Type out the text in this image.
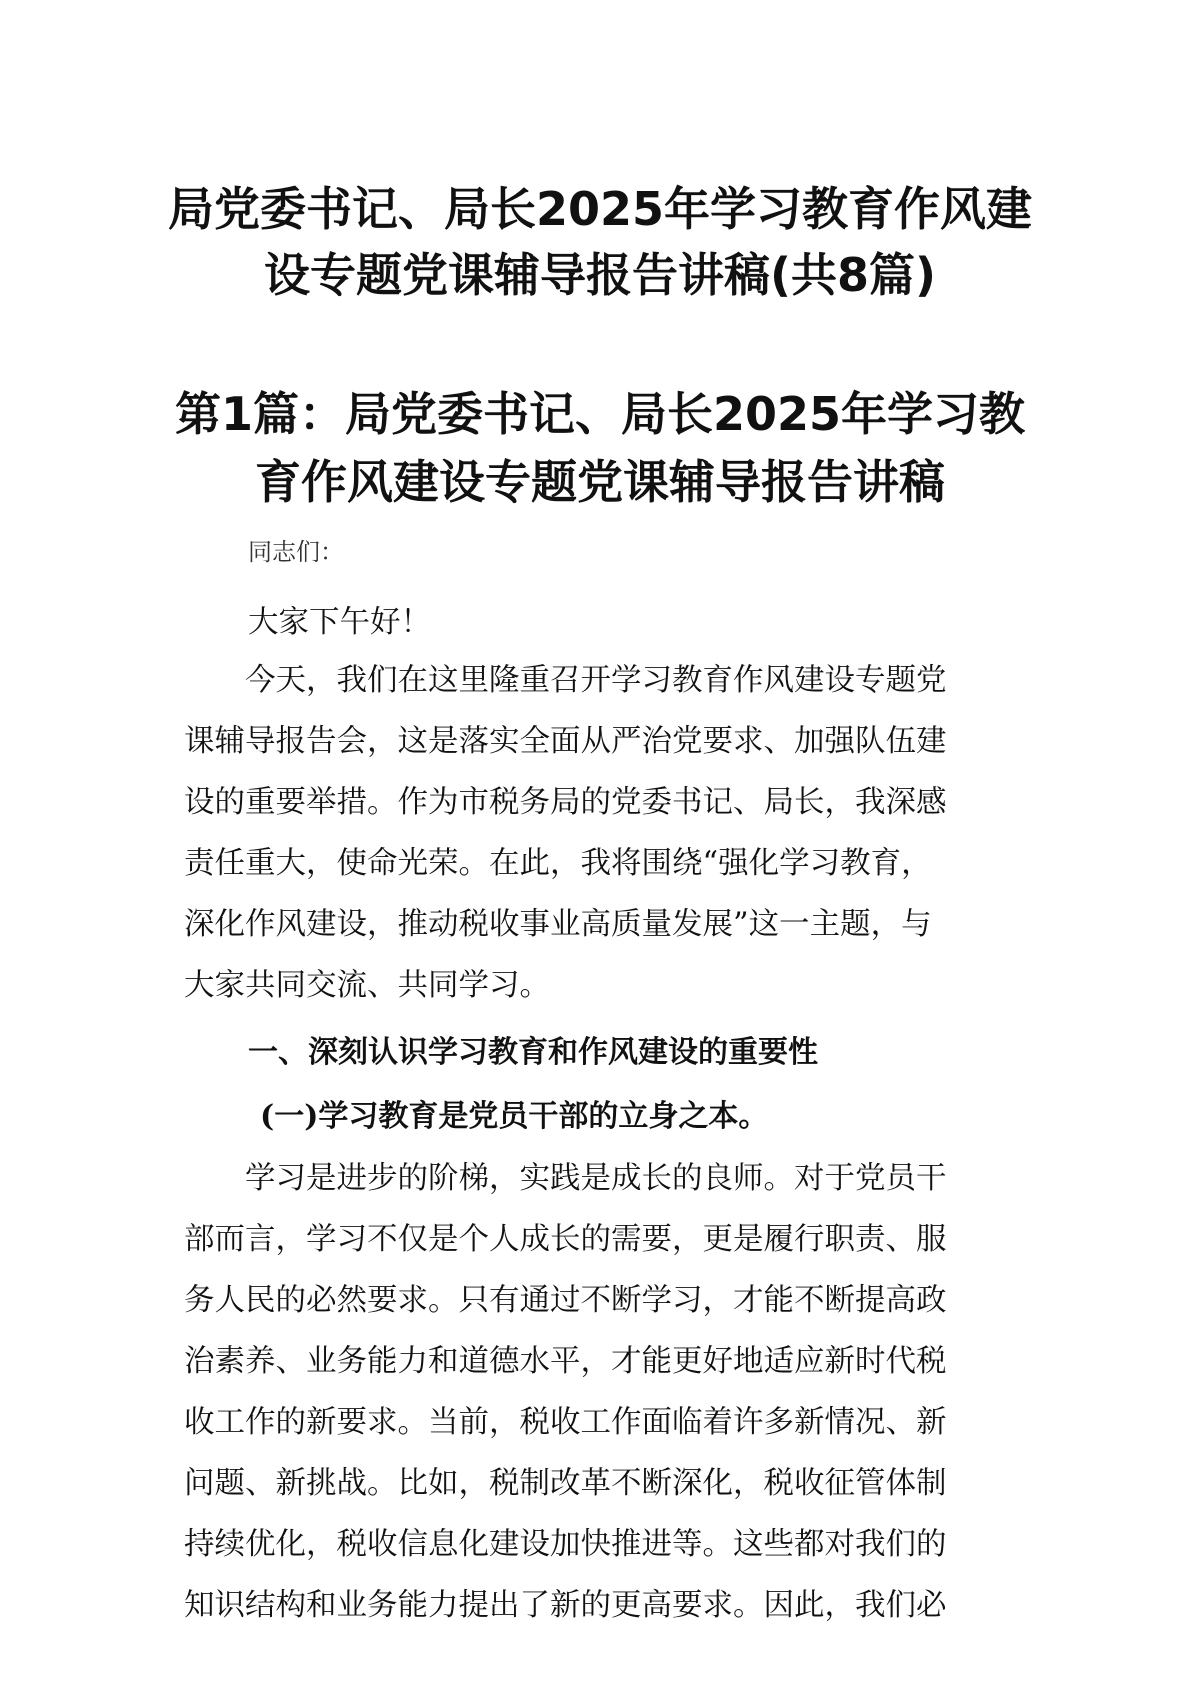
局党委书记、局长2025年学习教育作风建
设专题党课辅导报告讲稿(共8篇)
第1篇：局党委书记、局长2025年学习教
育作风建设专题党课辅导报告讲稿

同志们：

大家下午好！

　　今天，我们在这里隆重召开学习教育作风建设专题党
课辅导报告会，这是落实全面从严治党要求、加强队伍建
设的重要举措。作为市税务局的党委书记、局长，我深感
责任重大，使命光荣。在此，我将围绕“强化学习教育，
深化作风建设，推动税收事业高质量发展”这一主题，与
大家共同交流、共同学习。

一、深刻认识学习教育和作风建设的重要性
(一)学习教育是党员干部的立身之本。

　　学习是进步的阶梯，实践是成长的良师。对于党员干
部而言，学习不仅是个人成长的需要，更是履行职责、服
务人民的必然要求。只有通过不断学习，才能不断提高政
治素养、业务能力和道德水平，才能更好地适应新时代税
收工作的新要求。当前，税收工作面临着许多新情况、新
问题、新挑战。比如，税制改革不断深化，税收征管体制
持续优化，税收信息化建设加快推进等。这些都对我们的
知识结构和业务能力提出了新的更高要求。因此，我们必
